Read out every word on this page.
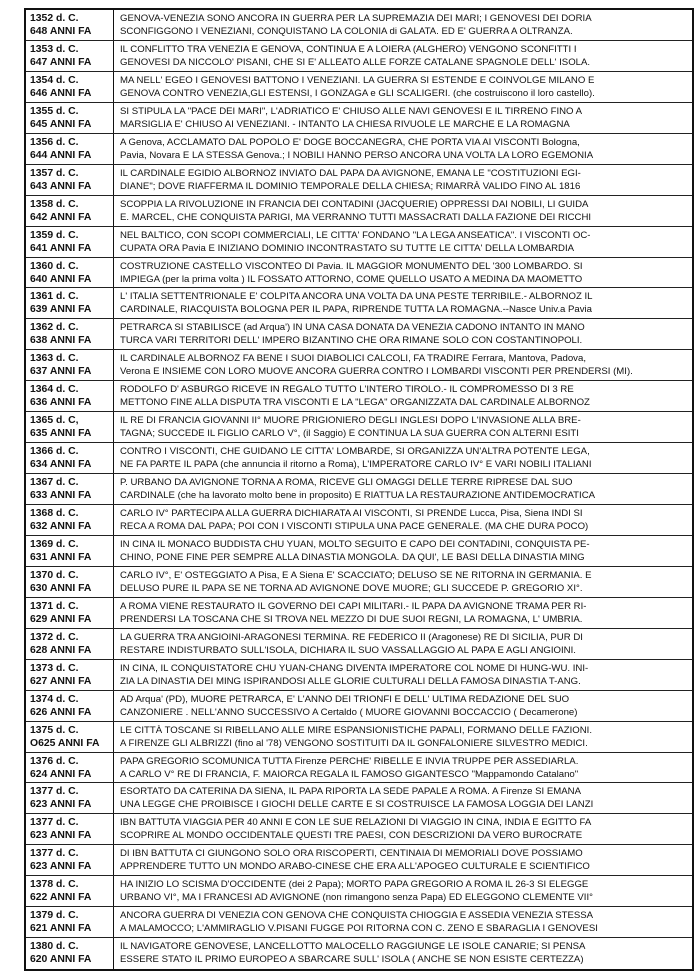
1352 d. C.
648 ANNI FA
GENOVA-VENEZIA SONO ANCORA IN GUERRA PER LA SUPREMAZIA DEI MARI; I GENOVESI DEI DORIA
SCONFIGGONO I VENEZIANI, CONQUISTANO LA COLONIA di GALATA. ED E' GUERRA A OLTRANZA.
1353 d. C.
647 ANNI FA
IL CONFLITTO TRA VENEZIA E GENOVA, CONTINUA E A LOIERA (ALGHERO) VENGONO SCONFITTI I
GENOVESI DA NICCOLO' PISANI, CHE SI E' ALLEATO ALLE FORZE CATALANE SPAGNOLE DELL' ISOLA.
1354 d. C.
646 ANNI FA
MA NELL' EGEO I GENOVESI BATTONO I VENEZIANI. LA GUERRA SI ESTENDE E COINVOLGE MILANO E
GENOVA CONTRO VENEZIA,GLI ESTENSI, I GONZAGA e GLI SCALIGERI. (che costruiscono il loro castello).
1355 d. C.
645 ANNI FA
SI STIPULA LA "PACE DEI MARI", L'ADRIATICO E' CHIUSO ALLE NAVI GENOVESI E IL TIRRENO FINO A
MARSIGLIA E' CHIUSO AI VENEZIANI. - INTANTO LA CHIESA RIVUOLE LE MARCHE E LA ROMAGNA
1356 d. C.
644 ANNI FA
A Genova, ACCLAMATO DAL POPOLO E' DOGE BOCCANEGRA, CHE PORTA VIA AI VISCONTI Bologna,
Pavia, Novara E LA STESSA Genova.; I NOBILI HANNO PERSO ANCORA UNA VOLTA LA LORO EGEMONIA
1357 d. C.
643 ANNI FA
IL CARDINALE EGIDIO ALBORNOZ INVIATO DAL PAPA DA AVIGNONE, EMANA LE "COSTITUZIONI EGI-
DIANE"; DOVE RIAFFERMA IL DOMINIO TEMPORALE DELLA CHIESA; RIMARRÀ VALIDO FINO AL 1816
1358 d. C.
642 ANNI FA
SCOPPIA LA RIVOLUZIONE IN FRANCIA DEI CONTADINI (JACQUERIE) OPPRESSI DAI NOBILI, LI GUIDA
E. MARCEL, CHE CONQUISTA PARIGI, MA VERRANNO TUTTI MASSACRATI DALLA FAZIONE DEI RICCHI
1359 d. C.
641 ANNI FA
NEL BALTICO, CON SCOPI COMMERCIALI, LE CITTA' FONDANO "LA LEGA ANSEATICA". I VISCONTI OC-
CUPATA ORA Pavia E INIZIANO DOMINIO INCONTRASTATO SU TUTTE LE CITTA' DELLA LOMBARDIA
1360 d. C.
640 ANNI FA
COSTRUZIONE CASTELLO VISCONTEO DI Pavia. IL MAGGIOR MONUMENTO DEL '300 LOMBARDO. SI
IMPIEGA (per la prima volta ) IL FOSSATO ATTORNO, COME QUELLO USATO A MEDINA DA MAOMETTO
1361 d. C.
639 ANNI FA
L' ITALIA SETTENTRIONALE E' COLPITA ANCORA UNA VOLTA DA UNA PESTE TERRIBILE.- ALBORNOZ IL
CARDINALE, RIACQUISTA BOLOGNA PER IL PAPA, RIPRENDE TUTTA LA ROMAGNA.--Nasce Univ.a Pavia
1362 d. C.
638 ANNI FA
PETRARCA SI STABILISCE (ad Arqua') IN UNA CASA DONATA DA VENEZIA CADONO INTANTO IN MANO
TURCA VARI TERRITORI DELL' IMPERO BIZANTINO CHE ORA RIMANE SOLO CON COSTANTINOPOLI.
1363 d. C.
637 ANNI FA
IL CARDINALE ALBORNOZ FA BENE I SUOI DIABOLICI CALCOLI, FA TRADIRE Ferrara, Mantova, Padova,
Verona E INSIEME CON LORO MUOVE ANCORA GUERRA CONTRO I LOMBARDI VISCONTI PER PRENDERSI (MI).
1364 d. C.
636 ANNI FA
RODOLFO D' ASBURGO RICEVE IN REGALO TUTTO L'INTERO TIROLO.- IL COMPROMESSO DI 3 RE
METTONO FINE ALLA DISPUTA TRA VISCONTI E LA "LEGA" ORGANIZZATA DAL CARDINALE ALBORNOZ
1365 d. C,
635 ANNI FA
IL RE DI FRANCIA GIOVANNI II° MUORE PRIGIONIERO DEGLI INGLESI DOPO L'INVASIONE ALLA BRE-
TAGNA; SUCCEDE IL FIGLIO CARLO V°, (il Saggio) E CONTINUA LA SUA GUERRA CON ALTERNI ESITI
1366 d. C.
634 ANNI FA
CONTRO I VISCONTI, CHE GUIDANO LE CITTA' LOMBARDE, SI ORGANIZZA UN'ALTRA POTENTE LEGA,
NE FA PARTE IL PAPA (che annuncia il ritorno a Roma), L'IMPERATORE CARLO IV° E VARI NOBILI ITALIANI
1367 d. C.
633 ANNI FA
P. URBANO DA AVIGNONE TORNA A ROMA, RICEVE GLI OMAGGI DELLE TERRE RIPRESE DAL SUO
CARDINALE (che ha lavorato molto bene in proposito) E RIATTUA LA RESTAURAZIONE ANTIDEMOCRATICA
1368 d. C.
632 ANNI FA
CARLO IV° PARTECIPA ALLA GUERRA DICHIARATA AI VISCONTI, SI PRENDE Lucca, Pisa, Siena INDI SI
RECA A ROMA DAL PAPA; POI CON I VISCONTI STIPULA UNA PACE GENERALE. (MA CHE DURA POCO)
1369 d. C.
631 ANNI FA
IN CINA IL MONACO BUDDISTA CHU YUAN, MOLTO SEGUITO E CAPO DEI CONTADINI, CONQUISTA PE-
CHINO, PONE FINE PER SEMPRE ALLA DINASTIA MONGOLA. DA QUI', LE BASI DELLA DINASTIA MING
1370 d. C.
630 ANNI FA
CARLO IV°, E' OSTEGGIATO A Pisa, E A Siena E' SCACCIATO; DELUSO SE NE RITORNA IN GERMANIA. E
DELUSO PURE IL PAPA SE NE TORNA AD AVIGNONE DOVE MUORE; GLI SUCCEDE P. GREGORIO XI°.
1371 d. C.
629 ANNI FA
A ROMA VIENE RESTAURATO IL GOVERNO DEI CAPI MILITARI.- IL PAPA DA AVIGNONE TRAMA PER RI-
PRENDERSI LA TOSCANA CHE SI TROVA NEL MEZZO DI DUE SUOI REGNI, LA ROMAGNA, L' UMBRIA.
1372 d. C.
628 ANNI FA
LA GUERRA TRA ANGIOINI-ARAGONESI TERMINA. RE FEDERICO II (Aragonese) RE DI SICILIA, PUR DI
RESTARE INDISTURBATO SULL'ISOLA, DICHIARA IL SUO VASSALLAGGIO AL PAPA E AGLI ANGIOINI.
1373 d. C.
627 ANNI FA
IN CINA, IL CONQUISTATORE CHU YUAN-CHANG DIVENTA IMPERATORE COL NOME DI HUNG-WU. INI-
ZIA LA DINASTIA DEI MING ISPIRANDOSI ALLE GLORIE CULTURALI DELLA FAMOSA DINASTIA T-ANG.
1374 d. C.
626 ANNI FA
AD Arqua' (PD), MUORE PETRARCA, E' L'ANNO DEI TRIONFI E DELL' ULTIMA REDAZIONE DEL SUO
CANZONIERE . NELL'ANNO SUCCESSIVO A Certaldo ( MUORE GIOVANNI BOCCACCIO ( Decamerone)
1375 d. C.
O625 ANNI FA
LE CITTÀ TOSCANE SI RIBELLANO ALLE MIRE ESPANSIONISTICHE PAPALI, FORMANO DELLE FAZIONI.
A FIRENZE GLI ALBRIZZI (fino al '78) VENGONO SOSTITUITI DA IL GONFALONIERE SILVESTRO MEDICI.
1376 d. C.
624 ANNI FA
PAPA GREGORIO SCOMUNICA TUTTA Firenze PERCHE' RIBELLE E INVIA TRUPPE PER ASSEDIARLA.
A CARLO V° RE DI FRANCIA, F. MAIORCA REGALA IL FAMOSO GIGANTESCO "Mappamondo Catalano"
1377 d. C.
623 ANNI FA
ESORTATO DA CATERINA DA SIENA, IL PAPA RIPORTA LA SEDE PAPALE A ROMA. A Firenze SI EMANA
UNA LEGGE CHE PROIBISCE I GIOCHI DELLE CARTE E SI COSTRUISCE LA FAMOSA LOGGIA DEI LANZI
1377 d. C.
623 ANNI FA
IBN BATTUTA VIAGGIA PER 40 ANNI E CON LE SUE RELAZIONI DI VIAGGIO IN CINA, INDIA E EGITTO FA
SCOPRIRE AL MONDO OCCIDENTALE QUESTI TRE PAESI, CON DESCRIZIONI DA VERO BUROCRATE
1377 d. C.
623 ANNI FA
DI IBN BATTUTA CI GIUNGONO SOLO ORA RISCOPERTI, CENTINAIA DI MEMORIALI DOVE POSSIAMO
APPRENDERE TUTTO UN MONDO ARABO-CINESE CHE ERA ALL'APOGEO CULTURALE E SCIENTIFICO
1378 d. C.
622 ANNI FA
HA INIZIO LO SCISMA D'OCCIDENTE (dei 2 Papa); MORTO PAPA GREGORIO A ROMA IL 26-3 SI ELEGGE
URBANO VI°, MA I FRANCESI AD AVIGNONE (non rimangono senza Papa) ED ELEGGONO CLEMENTE VII°
1379 d. C.
621 ANNI FA
ANCORA GUERRA DI VENEZIA CON GENOVA CHE CONQUISTA CHIOGGIA E ASSEDIA VENEZIA STESSA
A MALAMOCCO; L'AMMIRAGLIO V.PISANI FUGGE POI RITORNA CON C. ZENO E SBARAGLIA I GENOVESI
1380 d. C.
620 ANNI FA
IL NAVIGATORE GENOVESE, LANCELLOTTO MALOCELLO RAGGIUNGE LE ISOLE CANARIE; SI PENSA
ESSERE STATO IL PRIMO EUROPEO A SBARCARE SULL' ISOLA ( ANCHE SE NON ESISTE CERTEZZA)
